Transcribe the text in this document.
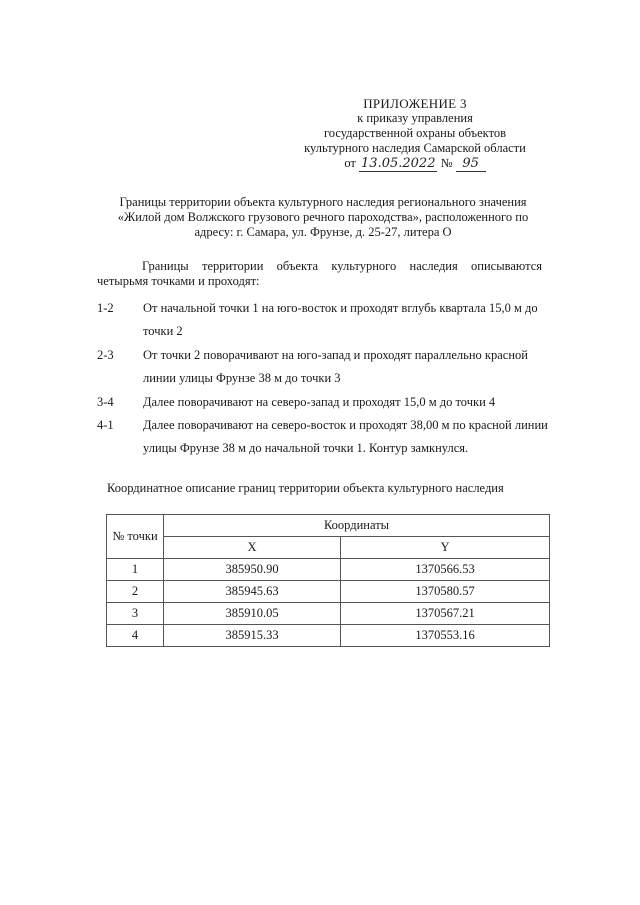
ПРИЛОЖЕНИЕ 3
к приказу управления
государственной охраны объектов
культурного наследия Самарской области
от 13.05.2022 № 95
Границы территории объекта культурного наследия регионального значения
«Жилой дом Волжского грузового речного пароходства», расположенного по
адресу: г. Самара, ул. Фрунзе, д. 25-27, литера О
Границы территории объекта культурного наследия описываются четырьмя точками и проходят:
1-2	От начальной точки 1 на юго-восток и проходят вглубь квартала 15,0 м до
точки 2
2-3	От точки 2 поворачивают на юго-запад и проходят параллельно красной
линии улицы Фрунзе 38 м до точки 3
3-4	Далее поворачивают на северо-запад и проходят 15,0 м до точки 4
4-1	Далее поворачивают на северо-восток и проходят 38,00 м по красной линии
улицы Фрунзе 38 м до начальной точки 1. Контур замкнулся.
Координатное описание границ территории объекта культурного наследия
№ точки	Координаты	
	X	Y
1	385950.90	1370566.53
2	385945.63	1370580.57
3	385910.05	1370567.21
4	385915.33	1370553.16
